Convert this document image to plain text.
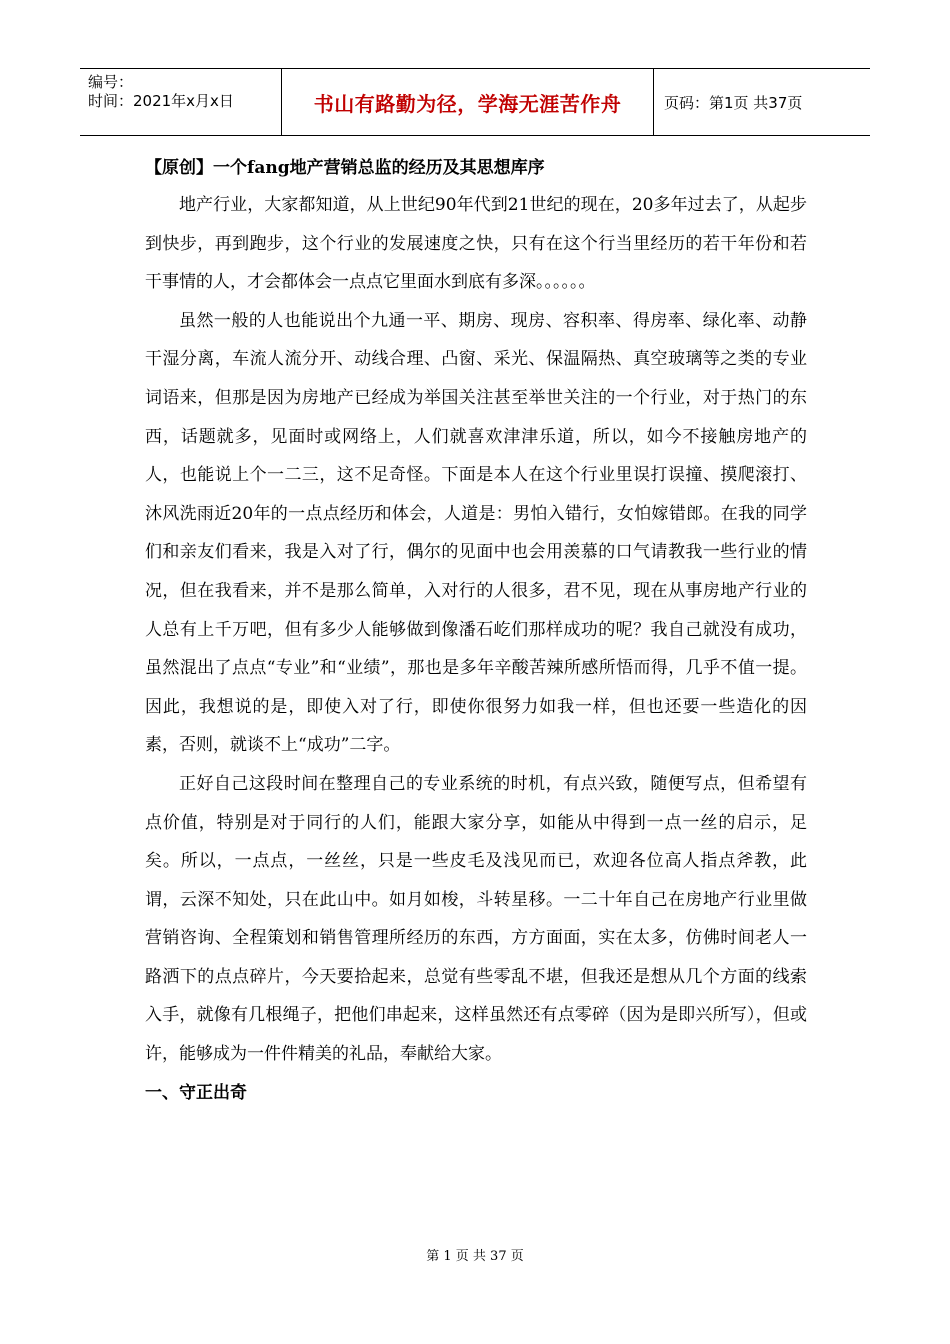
编号：
时间：2021年x月x日	书山有路勤为径，学海无涯苦作舟	页码：第1页 共37页

【原创】一个fang地产营销总监的经历及其思想库序

地产行业，大家都知道，从上世纪90年代到21世纪的现在，20多年过去了，从起步到快步，再到跑步，这个行业的发展速度之快，只有在这个行当里经历的若干年份和若干事情的人，才会都体会一点点它里面水到底有多深。。。。。。

虽然一般的人也能说出个九通一平、期房、现房、容积率、得房率、绿化率、动静干湿分离，车流人流分开、动线合理、凸窗、采光、保温隔热、真空玻璃等之类的专业词语来，但那是因为房地产已经成为举国关注甚至举世关注的一个行业，对于热门的东西，话题就多，见面时或网络上，人们就喜欢津津乐道，所以，如今不接触房地产的人，也能说上个一二三，这不足奇怪。下面是本人在这个行业里误打误撞、摸爬滚打、沐风洗雨近20年的一点点经历和体会，人道是：男怕入错行，女怕嫁错郎。在我的同学们和亲友们看来，我是入对了行，偶尔的见面中也会用羡慕的口气请教我一些行业的情况，但在我看来，并不是那么简单，入对行的人很多，君不见，现在从事房地产行业的人总有上千万吧，但有多少人能够做到像潘石屹们那样成功的呢？我自己就没有成功，虽然混出了点点“专业”和“业绩”，那也是多年辛酸苦辣所感所悟而得，几乎不值一提。因此，我想说的是，即使入对了行，即使你很努力如我一样，但也还要一些造化的因素，否则，就谈不上“成功”二字。

正好自己这段时间在整理自己的专业系统的时机，有点兴致，随便写点，但希望有点价值，特别是对于同行的人们，能跟大家分享，如能从中得到一点一丝的启示，足矣。所以，一点点，一丝丝，只是一些皮毛及浅见而已，欢迎各位高人指点斧教，此谓，云深不知处，只在此山中。如月如梭，斗转星移。一二十年自己在房地产行业里做营销咨询、全程策划和销售管理所经历的东西，方方面面，实在太多，仿佛时间老人一路洒下的点点碎片，今天要拾起来，总觉有些零乱不堪，但我还是想从几个方面的线索入手，就像有几根绳子，把他们串起来，这样虽然还有点零碎（因为是即兴所写），但或许，能够成为一件件精美的礼品，奉献给大家。

一、守正出奇

第 1 页 共 37 页
